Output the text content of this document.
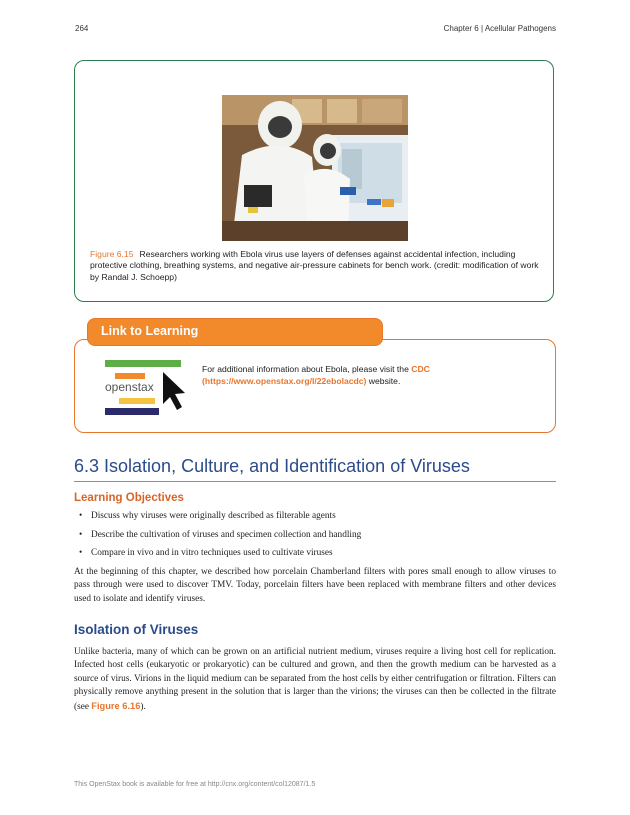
264	Chapter 6 | Acellular Pathogens
Figure 6.15 Researchers working with Ebola virus use layers of defenses against accidental infection, including protective clothing, breathing systems, and negative air-pressure cabinets for bench work. (credit: modification of work by Randal J. Schoepp)
Link to Learning
openstax
For additional information about Ebola, please visit the CDC (https://www.openstax.org/l/22ebolacdc) website.
6.3 Isolation, Culture, and Identification of Viruses
Learning Objectives
• Discuss why viruses were originally described as filterable agents
• Describe the cultivation of viruses and specimen collection and handling
• Compare in vivo and in vitro techniques used to cultivate viruses

At the beginning of this chapter, we described how porcelain Chamberland filters with pores small enough to allow viruses to pass through were used to discover TMV. Today, porcelain filters have been replaced with membrane filters and other devices used to isolate and identify viruses.

Isolation of Viruses

Unlike bacteria, many of which can be grown on an artificial nutrient medium, viruses require a living host cell for replication. Infected host cells (eukaryotic or prokaryotic) can be cultured and grown, and then the growth medium can be harvested as a source of virus. Virions in the liquid medium can be separated from the host cells by either centrifugation or filtration. Filters can physically remove anything present in the solution that is larger than the virions; the viruses can then be collected in the filtrate (see Figure 6.16).

This OpenStax book is available for free at http://cnx.org/content/col12087/1.5
